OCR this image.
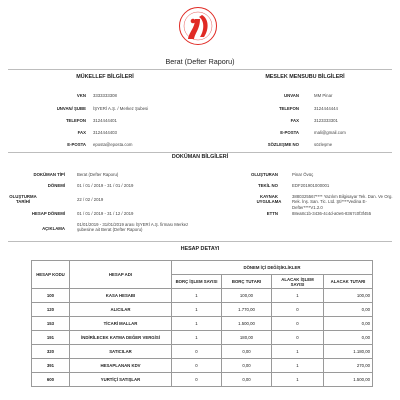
Berat (Defter Raporu)
MÜKELLEF BİLGİLERİ
VKN 3333333308
UNVAN/ ŞUBE İŞYERİ A.Ş. / Merkez Şubesi
TELEFON 3124444401
FAX 3124444403
E-POSTA eposta@eposta.com
MESLEK MENSUBU BİLGİLERİ
UNVAN	MM Pinar
TELEFON	3124444444
FAX	3123333301
E-POSTA	mali@gmail.com
SÖZLEŞME NO	sözleşme
DOKÜMAN BİLGİLERİ
DOKÜMAN TİPİ	Berat (Defter Raporu)
DÖNEMİ	01 / 01 / 2019 - 31 / 01 / 2019
OLUŞTURMA TARİHİ	22 / 02 / 2019
HESAP DÖNEMİ	01 / 01 / 2019 - 31 / 12 / 2019
AÇIKLAMA
01/01/2019 - 31/01/2019 arası İŞYERİ A.Ş. firması Merkez şubesine ait Berat (Defter Raporu)
OLUŞTURAN	Pinar Övüç
TEKİL NO	EDF201901000001
KAYNAK UYGULAMA
3880325567**** Yazılım Bilgisayar Tek. Dan. Ve Org. Rek. İnş. San. Tic. Ltd. Şti****Vedina E-Defter****V1.2.0
ETTN	88ea8c1b-3436-4c4d-a0e6-8367c0f3f455
HESAP DETAYI
HESAP KODU	HESAP ADI	DÖNEM İÇİ DEĞİŞİKLİKLER			
		BORÇ İŞLEM SAYISI	BORÇ TUTARI	ALACAK İŞLEM SAYISI	ALACAK TUTARI
100	KASA HESABI	1	100,00	1	100,00
120	ALICILAR	1	1.770,00	0	0,00
153	TİCARİ MALLAR	1	1.500,00	0	0,00
191	İNDİRİLECEK KATMA DEĞER VERGİSİ	1	180,00	0	0,00
320	SATICILAR	0	0,00	1	1.180,00
391	HESAPLANAN KDV	0	0,00	1	270,00
600	YURTİÇİ SATIŞLAR	0	0,00	1	1.500,00
